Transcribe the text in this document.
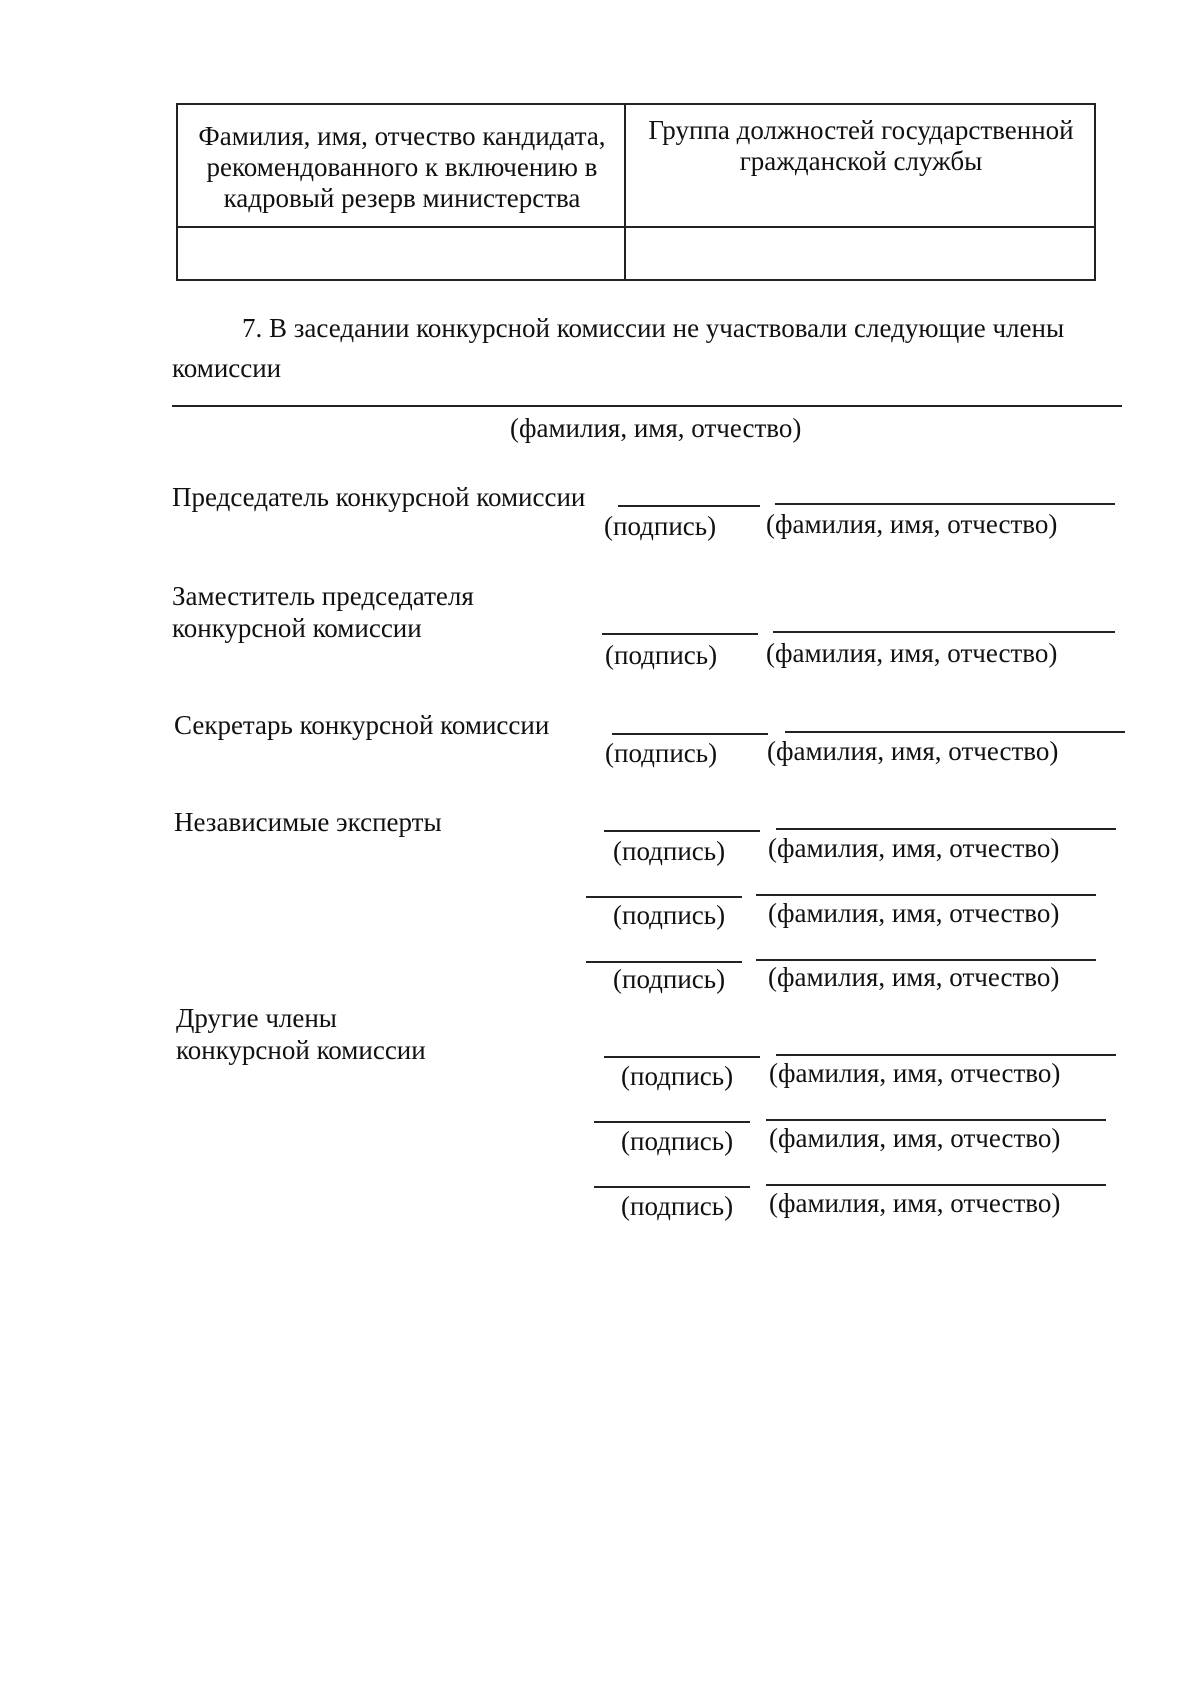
Фамилия, имя, отчество кандидата, рекомендованного к включению в кадровый резерв министерства
Группа должностей государственной гражданской службы
7. В заседании конкурсной комиссии не участвовали следующие члены
комиссии
(фамилия, имя, отчество)
Председатель конкурсной комиссии
(подпись) (фамилия, имя, отчество)
Заместитель председателя
конкурсной комиссии
(подпись) (фамилия, имя, отчество)
Секретарь конкурсной комиссии
(подпись) (фамилия, имя, отчество)
Независимые эксперты
(подпись) (фамилия, имя, отчество)
(подпись) (фамилия, имя, отчество)
(подпись) (фамилия, имя, отчество)
Другие члены
конкурсной комиссии
(подпись) (фамилия, имя, отчество)
(подпись) (фамилия, имя, отчество)
(подпись) (фамилия, имя, отчество)
